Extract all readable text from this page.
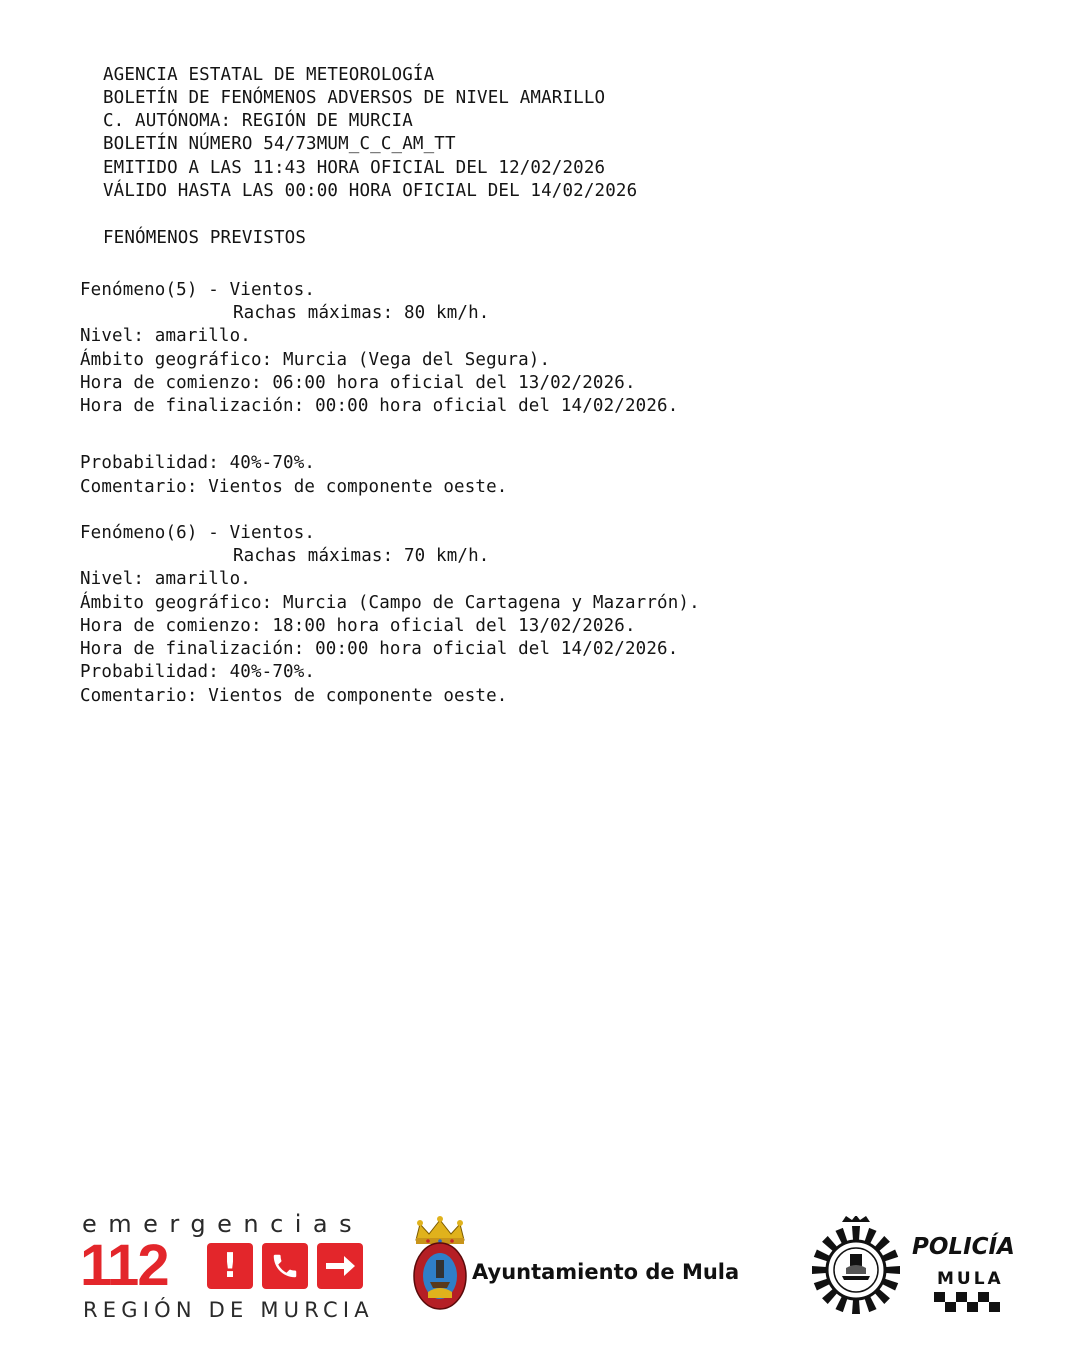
AGENCIA ESTATAL DE METEOROLOGÍA
BOLETÍN DE FENÓMENOS ADVERSOS DE NIVEL AMARILLO
C. AUTÓNOMA: REGIÓN DE MURCIA
BOLETÍN NÚMERO 54/73MUM_C_C_AM_TT
EMITIDO A LAS 11:43 HORA OFICIAL DEL 12/02/2026
VÁLIDO HASTA LAS 00:00 HORA OFICIAL DEL 14/02/2026
FENÓMENOS PREVISTOS
Fenómeno(5) - Vientos.
Rachas máximas: 80 km/h.
Nivel: amarillo.
Ámbito geográfico: Murcia (Vega del Segura).
Hora de comienzo: 06:00 hora oficial del 13/02/2026.
Hora de finalización: 00:00 hora oficial del 14/02/2026.
Probabilidad: 40%-70%.
Comentario: Vientos de componente oeste.
Fenómeno(6) - Vientos.
Rachas máximas: 70 km/h.
Nivel: amarillo.
Ámbito geográfico: Murcia (Campo de Cartagena y Mazarrón).
Hora de comienzo: 18:00 hora oficial del 13/02/2026.
Hora de finalización: 00:00 hora oficial del 14/02/2026.
Probabilidad: 40%-70%.
Comentario: Vientos de componente oeste.
emergencias
112	!
REGIÓN DE MURCIA
Ayuntamiento de Mula
POLICÍA
MULA
